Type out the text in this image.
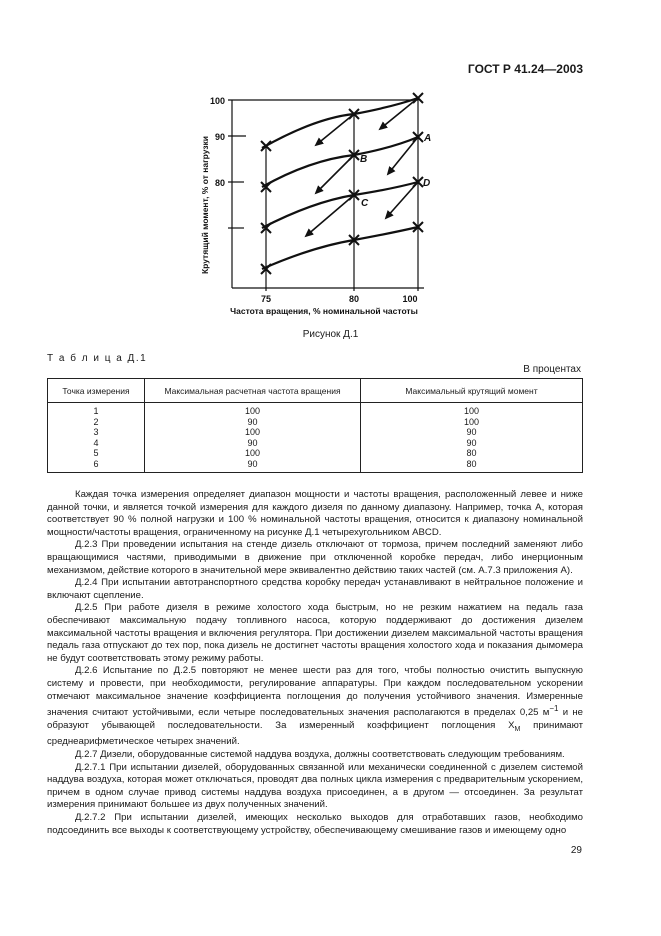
ГОСТ Р 41.24—2003
A
B
C
D
100
90
80
75	80	100
Частота вращения, % номинальной частоты
Крутящий момент, % от нагрузки
Рисунок Д.1
Т а б л и ц а Д.1
В процентах
Точка измерения	Максимальная расчетная частота вращения	Максимальный крутящий момент
1	100	100
2	90	100
3	100	90
4	90	90
5	100	80
6	90	80

Каждая точка измерения определяет диапазон мощности и частоты вращения, расположенный левее и ниже данной точки, и является точкой измерения для каждого дизеля по данному диапазону. Например, точка А, которая соответствует 90 % полной нагрузки и 100 % номинальной частоты вращения, относится к диапазону номинальной мощности/частоты вращения, ограниченному на рисунке Д.1 четырехугольником ABCD.

Д.2.3 При проведении испытания на стенде дизель отключают от тормоза, причем последний заменяют либо вращающимися частями, приводимыми в движение при отключенной коробке передач, либо инерционным механизмом, действие которого в значительной мере эквивалентно действию таких частей (см. А.7.3 приложения А).

Д.2.4 При испытании автотранспортного средства коробку передач устанавливают в нейтральное положение и включают сцепление.

Д.2.5 При работе дизеля в режиме холостого хода быстрым, но не резким нажатием на педаль газа обеспечивают максимальную подачу топливного насоса, которую поддерживают до достижения дизелем максимальной частоты вращения и включения регулятора. При достижении дизелем максимальной частоты вращения педаль газа отпускают до тех пор, пока дизель не достигнет частоты вращения холостого хода и показания дымомера не будут соответствовать этому режиму работы.

Д.2.6 Испытание по Д.2.5 повторяют не менее шести раз для того, чтобы полностью очистить выпускную систему и провести, при необходимости, регулирование аппаратуры. При каждом последовательном ускорении отмечают максимальное значение коэффициента поглощения до получения устойчивого значения. Измеренные значения считают устойчивыми, если четыре последовательных значения располагаются в пределах 0,25 $м^{-1}$ и не образуют убывающей последовательности. За измеренный коэффициент поглощения $X_M$ принимают среднеарифметическое четырех значений.

Д.2.7 Дизели, оборудованные системой наддува воздуха, должны соответствовать следующим требованиям.

Д.2.7.1 При испытании дизелей, оборудованных связанной или механически соединенной с дизелем системой наддува воздуха, которая может отключаться, проводят два полных цикла измерения с предварительным ускорением, причем в одном случае привод системы наддува воздуха присоединен, а в другом — отсоединен. За результат измерения принимают большее из двух полученных значений.

Д.2.7.2 При испытании дизелей, имеющих несколько выходов для отработавших газов, необходимо подсоединить все выходы к соответствующему устройству, обеспечивающему смешивание газов и имеющему одно

29
